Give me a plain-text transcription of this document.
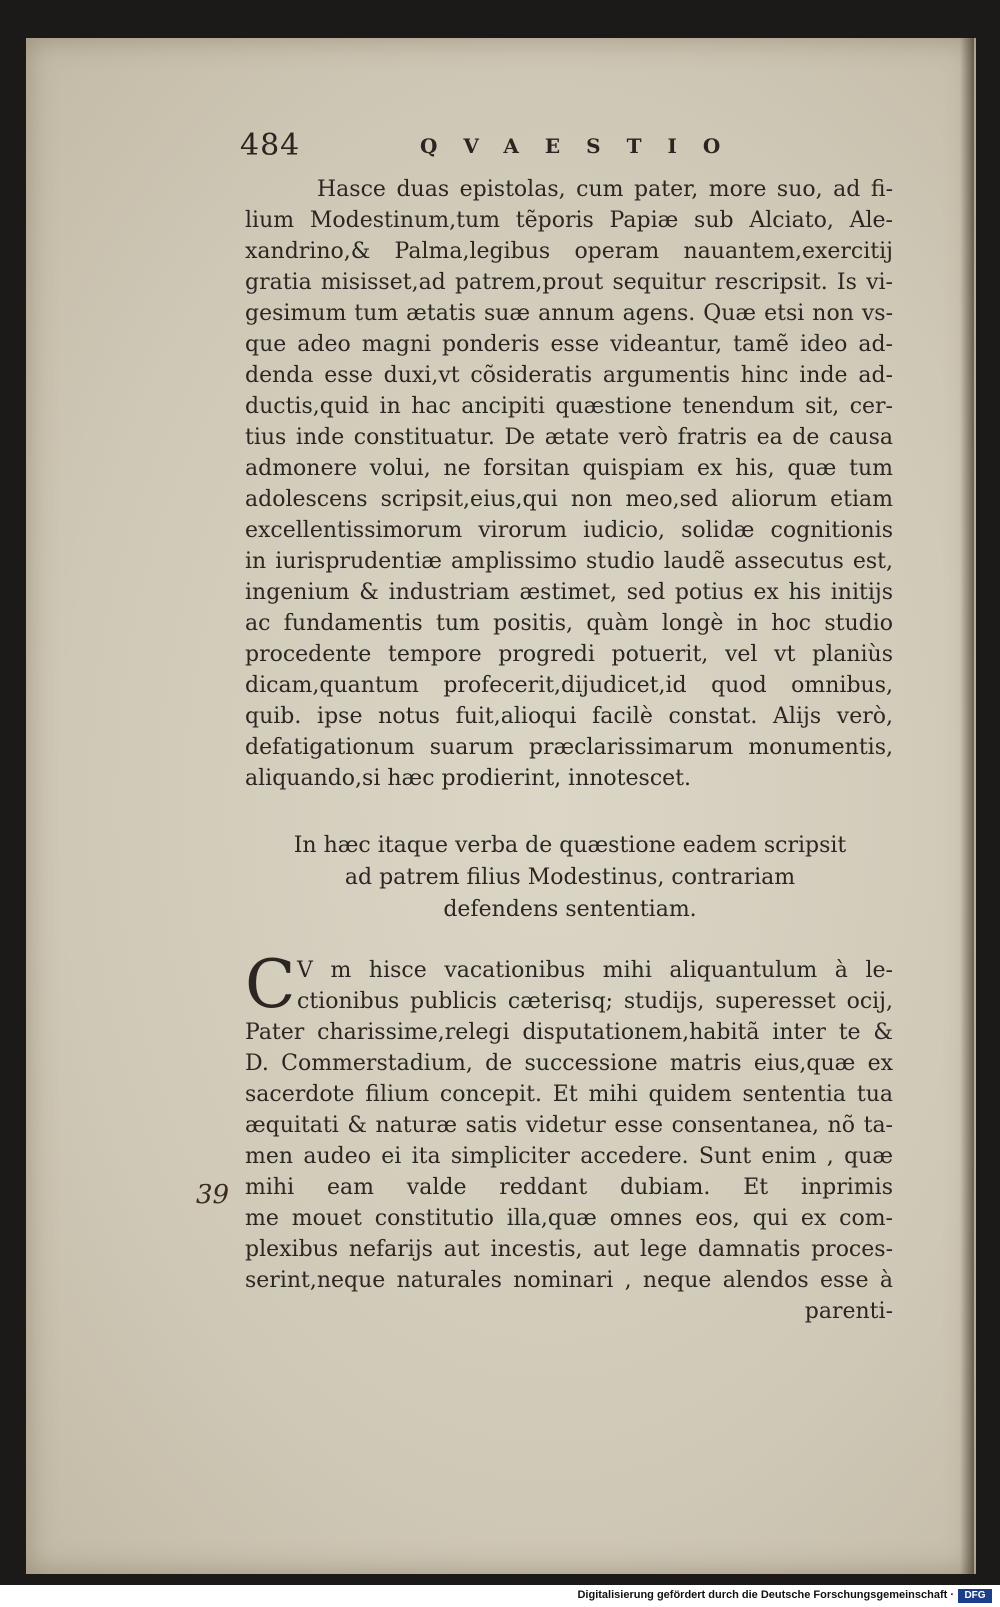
484	QVAESTIO
Hasce duas epistolas, cum pater, more suo, ad fi-
lium Modestinum,tum tẽporis Papiæ sub Alciato, Ale-
xandrino,& Palma,legibus operam nauantem,exercitij
gratia misisset,ad patrem,prout sequitur rescripsit. Is vi-
gesimum tum ætatis suæ annum agens. Quæ etsi non vs-
que adeo magni ponderis esse videantur, tamẽ ideo ad-
denda esse duxi,vt cõsideratis argumentis hinc inde ad-
ductis,quid in hac ancipiti quæstione tenendum sit, cer-
tius inde constituatur. De ætate verò fratris ea de causa
admonere volui, ne forsitan quispiam ex his, quæ tum
adolescens scripsit,eius,qui non meo,sed aliorum etiam
excellentissimorum virorum iudicio, solidæ cognitionis
in iurisprudentiæ amplissimo studio laudẽ assecutus est,
ingenium & industriam æstimet, sed potius ex his initijs
ac fundamentis tum positis, quàm longè in hoc studio
procedente tempore progredi potuerit, vel vt planiùs
dicam,quantum profecerit,dijudicet,id quod omnibus,
quib. ipse notus fuit,alioqui facilè constat. Alijs verò,
defatigationum suarum præclarissimarum monumentis,
aliquando,si hæc prodierint, innotescet.
In hæc itaque verba de quæstione eadem scripsit
ad patrem filius Modestinus, contrariam
defendens sententiam.
C V m hisce vacationibus mihi aliquantulum à le-
ctionibus publicis cæterisq; studijs, superesset ocij,
Pater charissime,relegi disputationem,habitã inter te &
D. Commerstadium, de successione matris eius,quæ ex
sacerdote filium concepit. Et mihi quidem sententia tua
æquitati & naturæ satis videtur esse consentanea, nõ ta-
men audeo ei ita simpliciter accedere. Sunt enim , quæ
mihi eam valde reddant dubiam. Et inprimis
me mouet constitutio illa,quæ omnes eos, qui ex com-
plexibus nefarijs aut incestis, aut lege damnatis proces-
serint,neque naturales nominari , neque alendos esse à
parenti-
39
Digitalisierung gefördert durch die Deutsche Forschungsgemeinschaft ·	DFG
